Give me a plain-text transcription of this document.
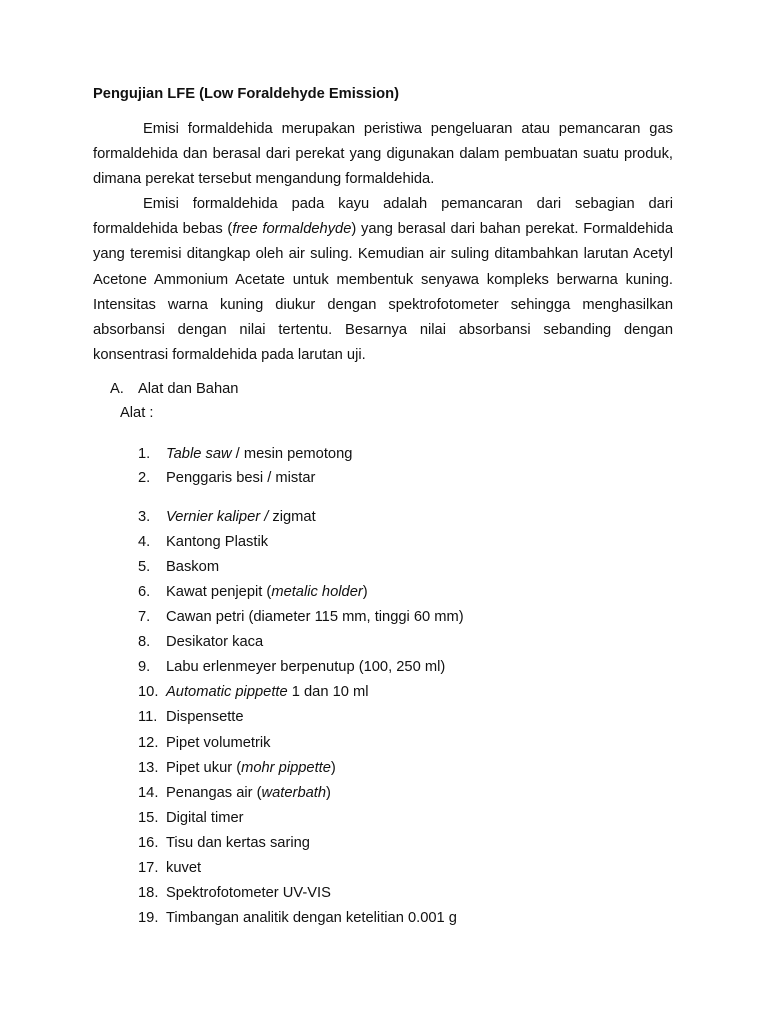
Pengujian LFE (Low Foraldehyde Emission)
Emisi formaldehida merupakan peristiwa pengeluaran atau pemancaran gas formaldehida dan berasal dari perekat yang digunakan dalam pembuatan suatu produk, dimana perekat tersebut mengandung formaldehida.
Emisi formaldehida pada kayu adalah pemancaran dari sebagian dari formaldehida bebas (free formaldehyde) yang berasal dari bahan perekat. Formaldehida yang teremisi ditangkap oleh air suling. Kemudian air suling ditambahkan larutan Acetyl Acetone Ammonium Acetate untuk membentuk senyawa kompleks berwarna kuning. Intensitas warna kuning diukur dengan spektrofotometer sehingga menghasilkan absorbansi dengan nilai tertentu. Besarnya nilai absorbansi sebanding dengan konsentrasi formaldehida pada larutan uji.
A. Alat dan Bahan
Alat :
1. Table saw / mesin pemotong
2. Penggaris besi / mistar
3. Vernier kaliper / zigmat
4. Kantong Plastik
5. Baskom
6. Kawat penjepit (metalic holder)
7. Cawan petri (diameter 115 mm, tinggi 60 mm)
8. Desikator kaca
9. Labu erlenmeyer berpenutup (100, 250 ml)
10. Automatic pippette 1 dan 10 ml
11. Dispensette
12. Pipet volumetrik
13. Pipet ukur (mohr pippette)
14. Penangas air (waterbath)
15. Digital timer
16. Tisu dan kertas saring
17. kuvet
18. Spektrofotometer UV-VIS
19. Timbangan analitik dengan ketelitian 0.001 g
